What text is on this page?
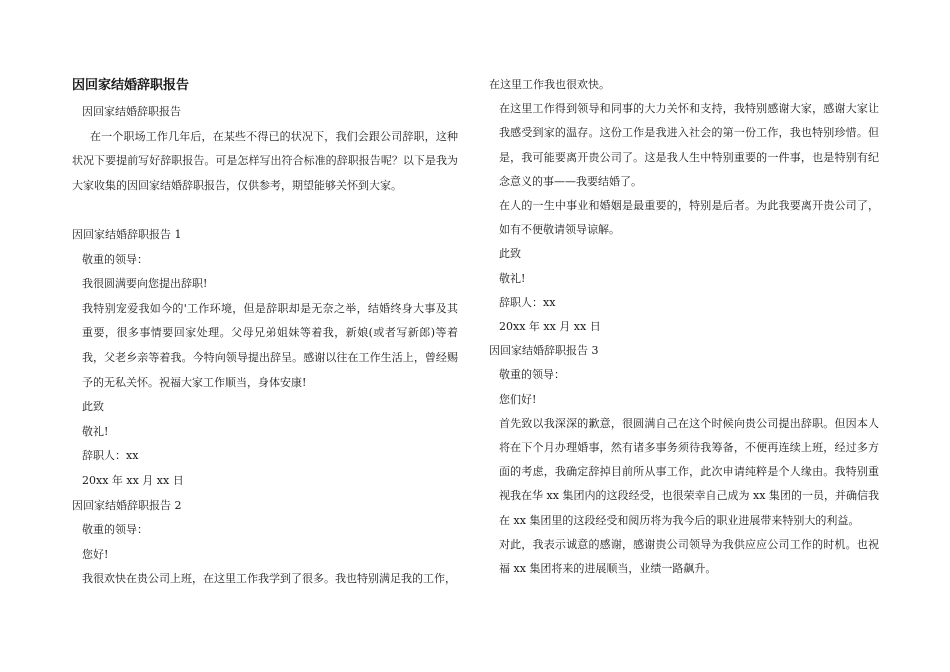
因回家结婚辞职报告

因回家结婚辞职报告

在一个职场工作几年后，在某些不得已的状况下，我们会跟公司辞职，这种状况下要提前写好辞职报告。可是怎样写出符合标准的辞职报告呢？以下是我为大家收集的因回家结婚辞职报告，仅供参考，期望能够关怀到大家。

因回家结婚辞职报告 1

敬重的领导：

我很圆满要向您提出辞职!

我特别宠爱我如今的'工作环境，但是辞职却是无奈之举，结婚终身大事及其重要，很多事情要回家处理。父母兄弟姐妹等着我，新娘(或者写新郎)等着我，父老乡亲等着我。今特向领导提出辞呈。感谢以往在工作生活上，曾经赐予的无私关怀。祝福大家工作顺当，身体安康!

此致

敬礼!

辞职人：xx

20xx 年 xx 月 xx 日

因回家结婚辞职报告 2

敬重的领导：

您好!

我很欢快在贵公司上班，在这里工作我学到了很多。我也特别满足我的工作，

在这里工作我也很欢快。

在这里工作得到领导和同事的大力关怀和支持，我特别感谢大家，感谢大家让我感受到家的温存。这份工作是我进入社会的第一份工作，我也特别珍惜。但是，我可能要离开贵公司了。这是我人生中特别重要的一件事，也是特别有纪念意义的事——我要结婚了。

在人的一生中事业和婚姻是最重要的，特别是后者。为此我要离开贵公司了，如有不便敬请领导谅解。

此致

敬礼!

辞职人：xx

20xx 年 xx 月 xx 日

因回家结婚辞职报告 3

敬重的领导：

您们好!

首先致以我深深的歉意，很圆满自己在这个时候向贵公司提出辞职。但因本人将在下个月办理婚事，然有诸多事务须待我筹备，不便再连续上班，经过多方面的考虑，我确定辞掉目前所从事工作，此次申请纯粹是个人缘由。我特别重视我在华 xx 集团内的这段经受，也很荣幸自己成为 xx 集团的一员，并确信我在 xx 集团里的这段经受和阅历将为我今后的职业进展带来特别大的利益。

对此，我表示诚意的感谢，感谢贵公司领导为我供应应公司工作的时机。也祝福 xx 集团将来的进展顺当，业绩一路飙升。
